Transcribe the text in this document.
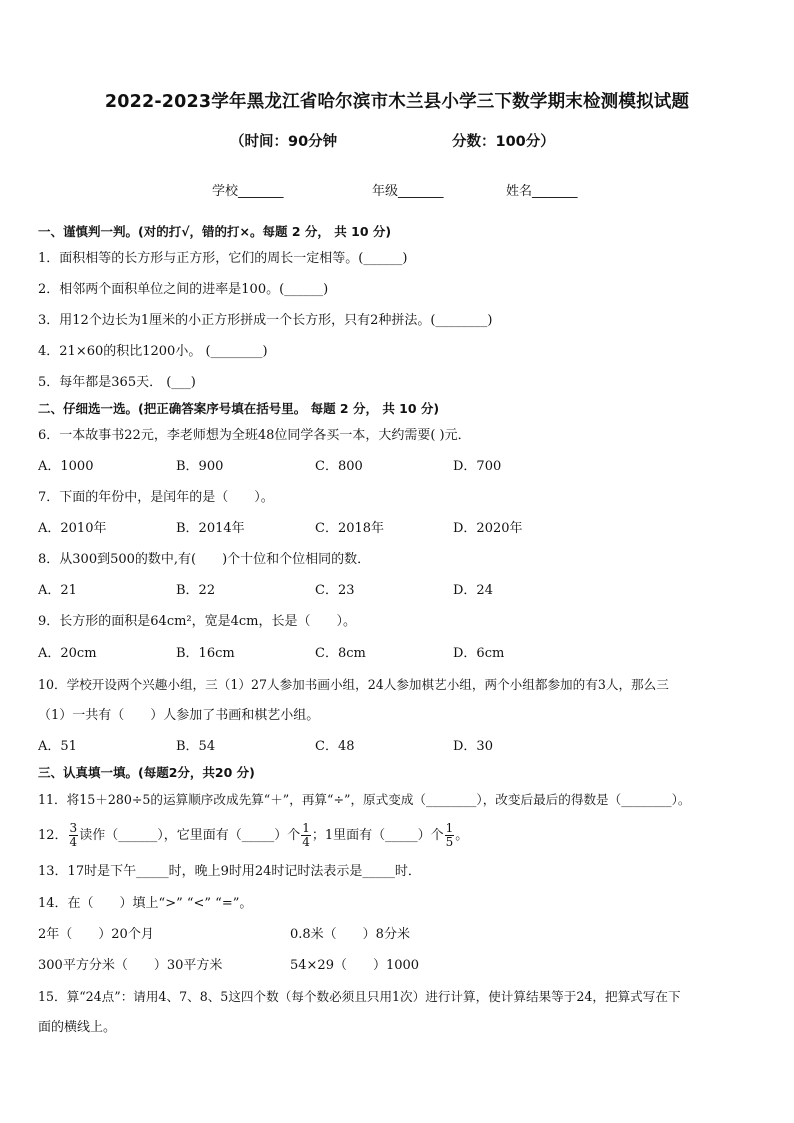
2022-2023学年黑龙江省哈尔滨市木兰县小学三下数学期末检测模拟试题
（时间：90分钟	分数：100分）
学校_______	年级_______	姓名_______
一、谨慎判一判。(对的打√，错的打×。每题 2 分， 共 10 分)
1．面积相等的长方形与正方形，它们的周长一定相等。(______)
2．相邻两个面积单位之间的进率是100。(______)
3．用12个边长为1厘米的小正方形拼成一个长方形，只有2种拼法。(________)
4．21×60的积比1200小。 (________)
5．每年都是365天． (___)
二、仔细选一选。(把正确答案序号填在括号里。 每题 2 分， 共 10 分)
6．一本故事书22元，李老师想为全班48位同学各买一本，大约需要( )元．
A．1000	B．900	C．800	D．700
7．下面的年份中，是闰年的是（　　）。
A．2010年	B．2014年	C．2018年	D．2020年
8．从300到500的数中,有(　　)个十位和个位相同的数．
A．21	B．22	C．23	D．24
9．长方形的面积是64cm²，宽是4cm，长是（　　）。
A．20cm	B．16cm	C．8cm	D．6cm
10．学校开设两个兴趣小组，三（1）27人参加书画小组，24人参加棋艺小组，两个小组都参加的有3人，那么三
（1）一共有（　　）人参加了书画和棋艺小组。
A．51	B．54	C．48	D．30
三、认真填一填。(每题2分，共20 分)
11．将15＋280÷5的运算顺序改成先算“＋”，再算“÷”，原式变成（________），改变后最后的得数是（________）。
12． $\frac{3}{4}$ 读作（______），它里面有（_____）个 $\frac{1}{4}$ ；1里面有（_____）个 $\frac{1}{5}$ 。
13．17时是下午_____时，晚上9时用24时记时法表示是_____时．
14．在（　　）填上“>” “<” “=”。
2年（　　）20个月	0.8米（　　）8分米
300平方分米（　　）30平方米	54×29（　　）1000
15．算“24点”：请用4、7、8、5这四个数（每个数必须且只用1次）进行计算，使计算结果等于24，把算式写在下
面的横线上。
